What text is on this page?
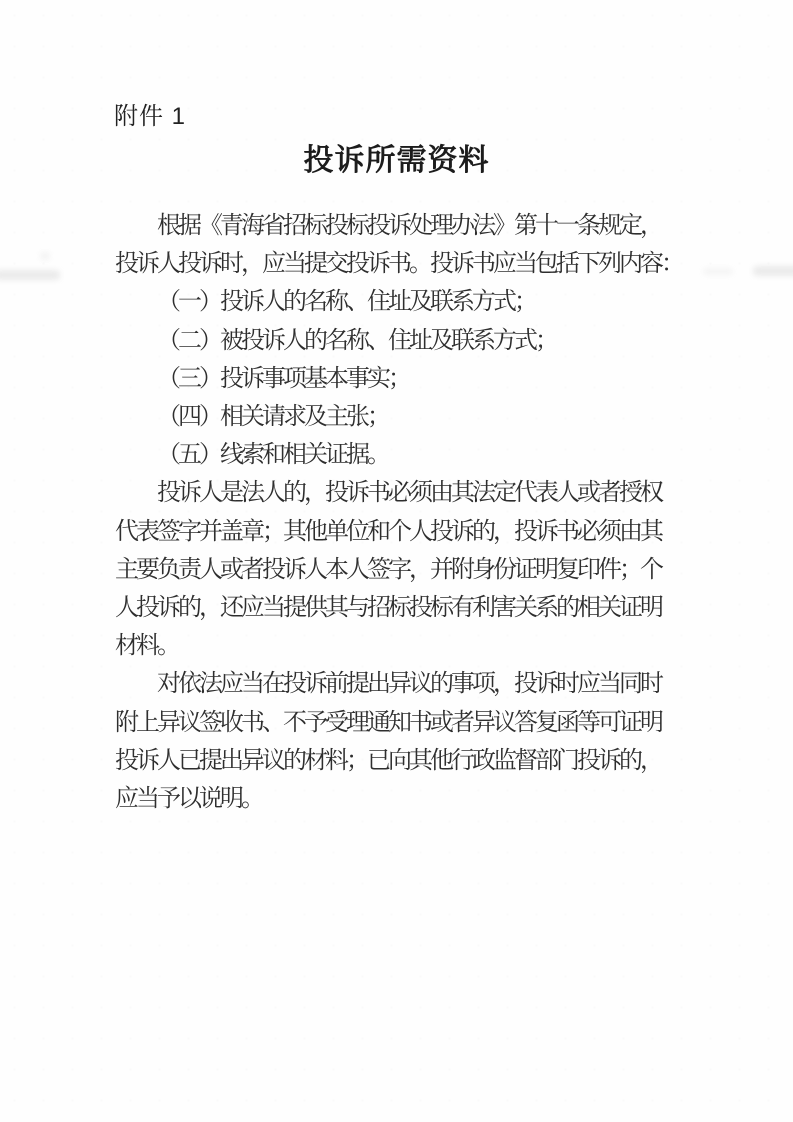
附件 1
投诉所需资料
根据《青海省招标投标投诉处理办法》第十一条规定，
投诉人投诉时，应当提交投诉书。投诉书应当包括下列内容：
（一）投诉人的名称、住址及联系方式；
（二）被投诉人的名称、住址及联系方式；
（三）投诉事项基本事实；
（四）相关请求及主张；
（五）线索和相关证据。
投诉人是法人的，投诉书必须由其法定代表人或者授权
代表签字并盖章；其他单位和个人投诉的，投诉书必须由其
主要负责人或者投诉人本人签字，并附身份证明复印件；个
人投诉的，还应当提供其与招标投标有利害关系的相关证明
材料。
对依法应当在投诉前提出异议的事项，投诉时应当同时
附上异议签收书、不予受理通知书或者异议答复函等可证明
投诉人已提出异议的材料；已向其他行政监督部门投诉的，
应当予以说明。
